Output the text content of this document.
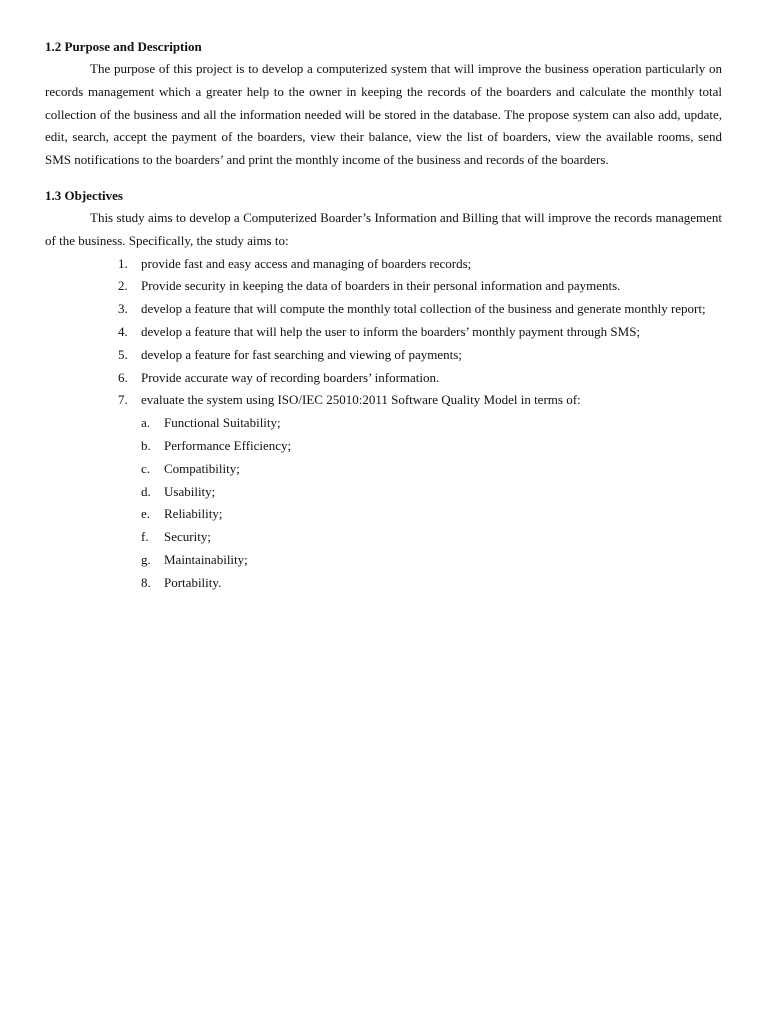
1.2 Purpose and Description

The purpose of this project is to develop a computerized system that will improve the business operation particularly on records management which a greater help to the owner in keeping the records of the boarders and calculate the monthly total collection of the business and all the information needed will be stored in the database. The propose system can also add, update, edit, search, accept the payment of the boarders, view their balance, view the list of boarders, view the available rooms, send SMS notifications to the boarders’ and print the monthly income of the business and records of the boarders.

1.3 Objectives

This study aims to develop a Computerized Boarder’s Information and Billing that will improve the records management of the business. Specifically, the study aims to:

1. provide fast and easy access and managing of boarders records;
2. Provide security in keeping the data of boarders in their personal information and payments.
3. develop a feature that will compute the monthly total collection of the business and generate monthly report;
4. develop a feature that will help the user to inform the boarders’ monthly payment through SMS;
5. develop a feature for fast searching and viewing of payments;
6. Provide accurate way of recording boarders’ information.
7. evaluate the system using ISO/IEC 25010:2011 Software Quality Model in terms of:
a. Functional Suitability;
b. Performance Efficiency;
c. Compatibility;
d. Usability;
e. Reliability;
f. Security;
g. Maintainability;
8. Portability.
